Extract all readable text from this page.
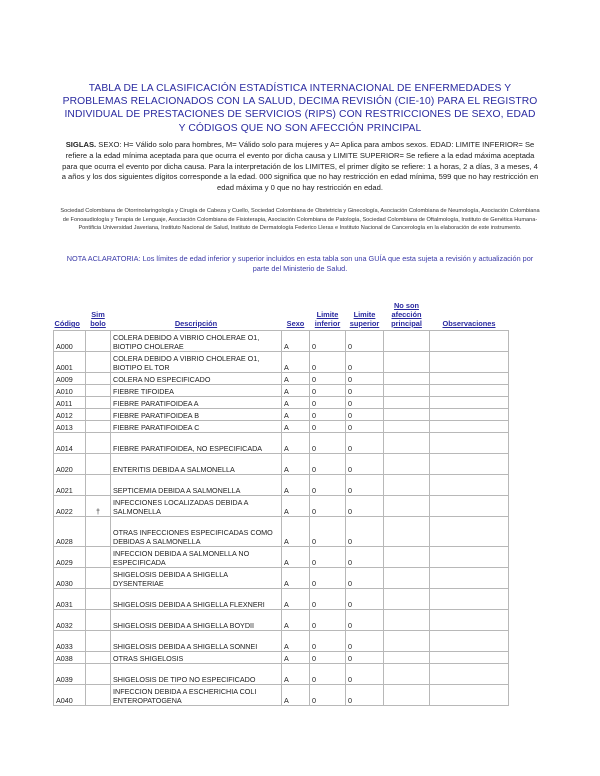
TABLA DE LA CLASIFICACIÓN ESTADÍSTICA INTERNACIONAL DE ENFERMEDADES Y PROBLEMAS RELACIONADOS CON LA SALUD, DECIMA REVISIÓN (CIE-10) PARA EL REGISTRO INDIVIDUAL DE PRESTACIONES DE SERVICIOS (RIPS) CON RESTRICCIONES DE SEXO, EDAD Y CÓDIGOS QUE NO SON AFECCIÓN PRINCIPAL
SIGLAS. SEXO: H= Válido solo para hombres, M= Válido solo para mujeres y A= Aplica para ambos sexos. EDAD: LIMITE INFERIOR= Se refiere a la edad mínima aceptada para que ocurra el evento por dicha causa y LIMITE SUPERIOR= Se refiere a la edad máxima aceptada para que ocurra el evento por dicha causa. Para la interpretación de los LIMITES, el primer dígito se refiere: 1 a horas, 2 a días, 3 a meses, 4 a años y los dos siguientes dígitos corresponde a la edad. 000 significa que no hay restricción en edad mínima, 599 que no hay restricción en edad máxima y 0 que no hay restricción en edad.
Sociedad Colombiana de Otorrinolaringología y Cirugía de Cabeza y Cuello, Sociedad Colombiana de Obstetricia y Ginecología, Asociación Colombiana de Neumología, Asociación Colombiana de Fonoaudiología y Terapia de Lenguaje, Asociación Colombiana de Fisioterapia, Asociación Colombiana de Patología, Sociedad Colombiana de Oftalmología, Instituto de Genética Humana-Pontificia Universidad Javeriana, Instituto Nacional de Salud, Instituto de Dermatología Federico Lleras e Instituto Nacional de Cancerología en la elaboración de este instrumento.
NOTA ACLARATORIA: Los límites de edad inferior y superior incluidos en esta tabla son una GUÍA que esta sujeta a revisión y actualización por parte del Ministerio de Salud.
Código	Sim bolo	Descripción	Sexo	Limite inferior	Limite superior	No son afección principal	Observaciones
A000		COLERA DEBIDO A VIBRIO CHOLERAE O1, BIOTIPO CHOLERAE	A	0	0		
A001		COLERA DEBIDO A VIBRIO CHOLERAE O1, BIOTIPO EL TOR	A	0	0		
A009		COLERA NO ESPECIFICADO	A	0	0		
A010		FIEBRE TIFOIDEA	A	0	0		
A011		FIEBRE PARATIFOIDEA A	A	0	0		
A012		FIEBRE PARATIFOIDEA B	A	0	0		
A013		FIEBRE PARATIFOIDEA C	A	0	0		
A014		FIEBRE PARATIFOIDEA, NO ESPECIFICADA	A	0	0		
A020		ENTERITIS DEBIDA A SALMONELLA	A	0	0		
A021		SEPTICEMIA DEBIDA A SALMONELLA	A	0	0		
A022	†	INFECCIONES LOCALIZADAS DEBIDA A SALMONELLA	A	0	0		
A028		OTRAS INFECCIONES ESPECIFICADAS COMO DEBIDAS A SALMONELLA	A	0	0		
A029		INFECCION DEBIDA A SALMONELLA NO ESPECIFICADA	A	0	0		
A030		SHIGELOSIS DEBIDA A SHIGELLA DYSENTERIAE	A	0	0		
A031		SHIGELOSIS DEBIDA A SHIGELLA FLEXNERI	A	0	0		
A032		SHIGELOSIS DEBIDA A SHIGELLA BOYDII	A	0	0		
A033		SHIGELOSIS DEBIDA A SHIGELLA SONNEI	A	0	0		
A038		OTRAS SHIGELOSIS	A	0	0		
A039		SHIGELOSIS DE TIPO NO ESPECIFICADO	A	0	0		
A040		INFECCION DEBIDA A ESCHERICHIA COLI ENTEROPATOGENA	A	0	0		
